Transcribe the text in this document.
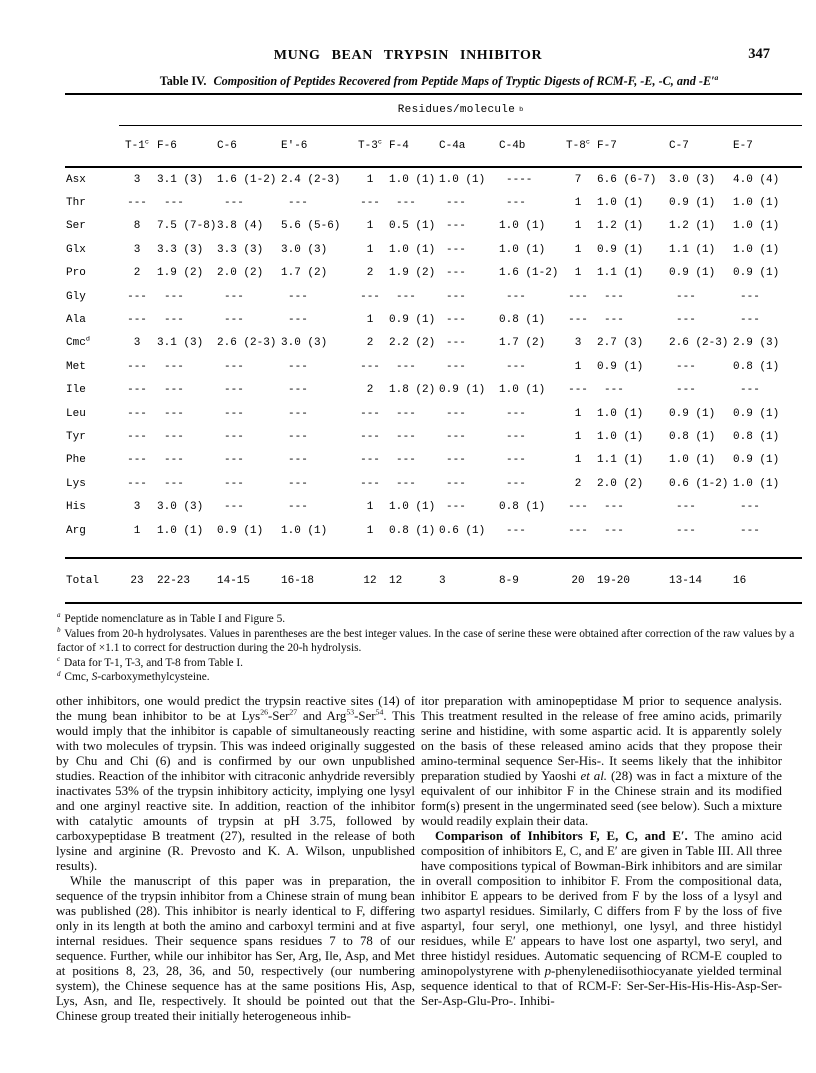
MUNG BEAN TRYPSIN INHIBITOR	347
Table IV. Composition of Peptides Recovered from Peptide Maps of Tryptic Digests of RCM-F, -E, -C, and $-E'^a$
Residues/molecule b
T-1$^c$ F-6	C-6	E'-6	T-3$^c$ F-4	C-4a	C-4b	T-8$^c$ F-7	C-7	E-7
Asx	3	3.1 (3)	1.6 (1-2) 2.4 (2-3)	1	1.0 (1) 1.0 (1)	----	7	6.6 (6-7)	3.0 (3)	4.0 (4)
Thr	---	---	---	---	---	---	---	---	1	1.0 (1)	0.9 (1)	1.0 (1)
Ser	8	7.5 (7-8) 3.8 (4)	5.6 (5-6)	1	0.5 (1) ---	1.0 (1)	1	1.2 (1)	1.2 (1)	1.0 (1)
Glx	3	3.3 (3)	3.3 (3)	3.0 (3)	1	1.0 (1) ---	1.0 (1)	1	0.9 (1)	1.1 (1)	1.0 (1)
Pro	2	1.9 (2)	2.0 (2)	1.7 (2)	2	1.9 (2) ---	1.6 (1-2)	1	1.1 (1)	0.9 (1)	0.9 (1)
Gly	---	---	---	---	---	---	---	---	---	---	---	---
Ala	---	---	---	---	1	0.9 (1) ---	0.8 (1)	---	---	---	---
Cmc$^d$	3	3.1 (3)	2.6 (2-3) 3.0 (3)	2	2.2 (2) ---	1.7 (2)	3	2.7 (3)	2.6 (2-3) 2.9 (3)
Met	---	---	---	---	---	---	---	---	1	0.9 (1)	---	0.8 (1)
Ile	---	---	---	---	2	1.8 (2) 0.9 (1)	1.0 (1)	---	---	---	---
Leu	---	---	---	---	---	---	---	---	1	1.0 (1)	0.9 (1)	0.9 (1)
Tyr	---	---	---	---	---	---	---	---	1	1.0 (1)	0.8 (1)	0.8 (1)
Phe	---	---	---	---	---	---	---	---	1	1.1 (1)	1.0 (1)	0.9 (1)
Lys	---	---	---	---	---	---	---	---	2	2.0 (2)	0.6 (1-2) 1.0 (1)
His	3	3.0 (3)	---	---	1	1.0 (1) ---	0.8 (1)	---	---	---	---
Arg	1	1.0 (1)	0.9 (1)	1.0 (1)	1	0.8 (1) 0.6 (1)	---	---	---	---	---
Total	23	22-23	14-15	16-18	12	12	3	8-9	20	19-20	13-14	16
$^a$ Peptide nomenclature as in Table I and Figure 5.
$^b$ Values from 20-h hydrolysates. Values in parentheses are the best integer values. In the case of serine these were obtained after correction of the raw values by a factor of ×1.1 to correct for destruction during the 20-h hydrolysis.
$^c$ Data for T-1, T-3, and T-8 from Table I.
$^d$ Cmc, S-carboxymethylcysteine.

other inhibitors, one would predict the trypsin reactive sites (14) of the mung bean inhibitor to be at Lys$^{26}$-Ser$^{27}$ and Arg$^{53}$-Ser$^{54}$. This would imply that the inhibitor is capable of simultaneously reacting with two molecules of trypsin. This was indeed originally suggested by Chu and Chi (6) and is confirmed by our own unpublished studies. Reaction of the inhibitor with citraconic anhydride reversibly inactivates 53% of the trypsin inhibitory acticity, implying one lysyl and one arginyl reactive site. In addition, reaction of the inhibitor with catalytic amounts of trypsin at pH 3.75, followed by carboxypeptidase B treatment (27), resulted in the release of both lysine and arginine (R. Prevosto and K. A. Wilson, unpublished results).

While the manuscript of this paper was in preparation, the sequence of the trypsin inhibitor from a Chinese strain of mung bean was published (28). This inhibitor is nearly identical to F, differing only in its length at both the amino and carboxyl termini and at five internal residues. Their sequence spans residues 7 to 78 of our sequence. Further, while our inhibitor has Ser, Arg, Ile, Asp, and Met at positions 8, 23, 28, 36, and 50, respectively (our numbering system), the Chinese sequence has at the same positions His, Asp, Lys, Asn, and Ile, respectively. It should be pointed out that the Chinese group treated their initially heterogeneous inhib-

itor preparation with aminopeptidase M prior to sequence analysis. This treatment resulted in the release of free amino acids, primarily serine and histidine, with some aspartic acid. It is apparently solely on the basis of these released amino acids that they propose their amino-terminal sequence Ser-His-. It seems likely that the inhibitor preparation studied by Yaoshi et al. (28) was in fact a mixture of the equivalent of our inhibitor F in the Chinese strain and its modified form(s) present in the ungerminated seed (see below). Such a mixture would readily explain their data.

Comparison of Inhibitors F, E, C, and E′. The amino acid composition of inhibitors E, C, and E′ are given in Table III. All three have compositions typical of Bowman-Birk inhibitors and are similar in overall composition to inhibitor F. From the compositional data, inhibitor E appears to be derived from F by the loss of a lysyl and two aspartyl residues. Similarly, C differs from F by the loss of five aspartyl, four seryl, one methionyl, one lysyl, and three histidyl residues, while E′ appears to have lost one aspartyl, two seryl, and three histidyl residues. Automatic sequencing of RCM-E coupled to aminopolystyrene with p-phenylenediisothiocyanate yielded terminal sequence identical to that of RCM-F: Ser-Ser-His-His-His-Asp-Ser-Ser-Asp-Glu-Pro-. Inhibi-
